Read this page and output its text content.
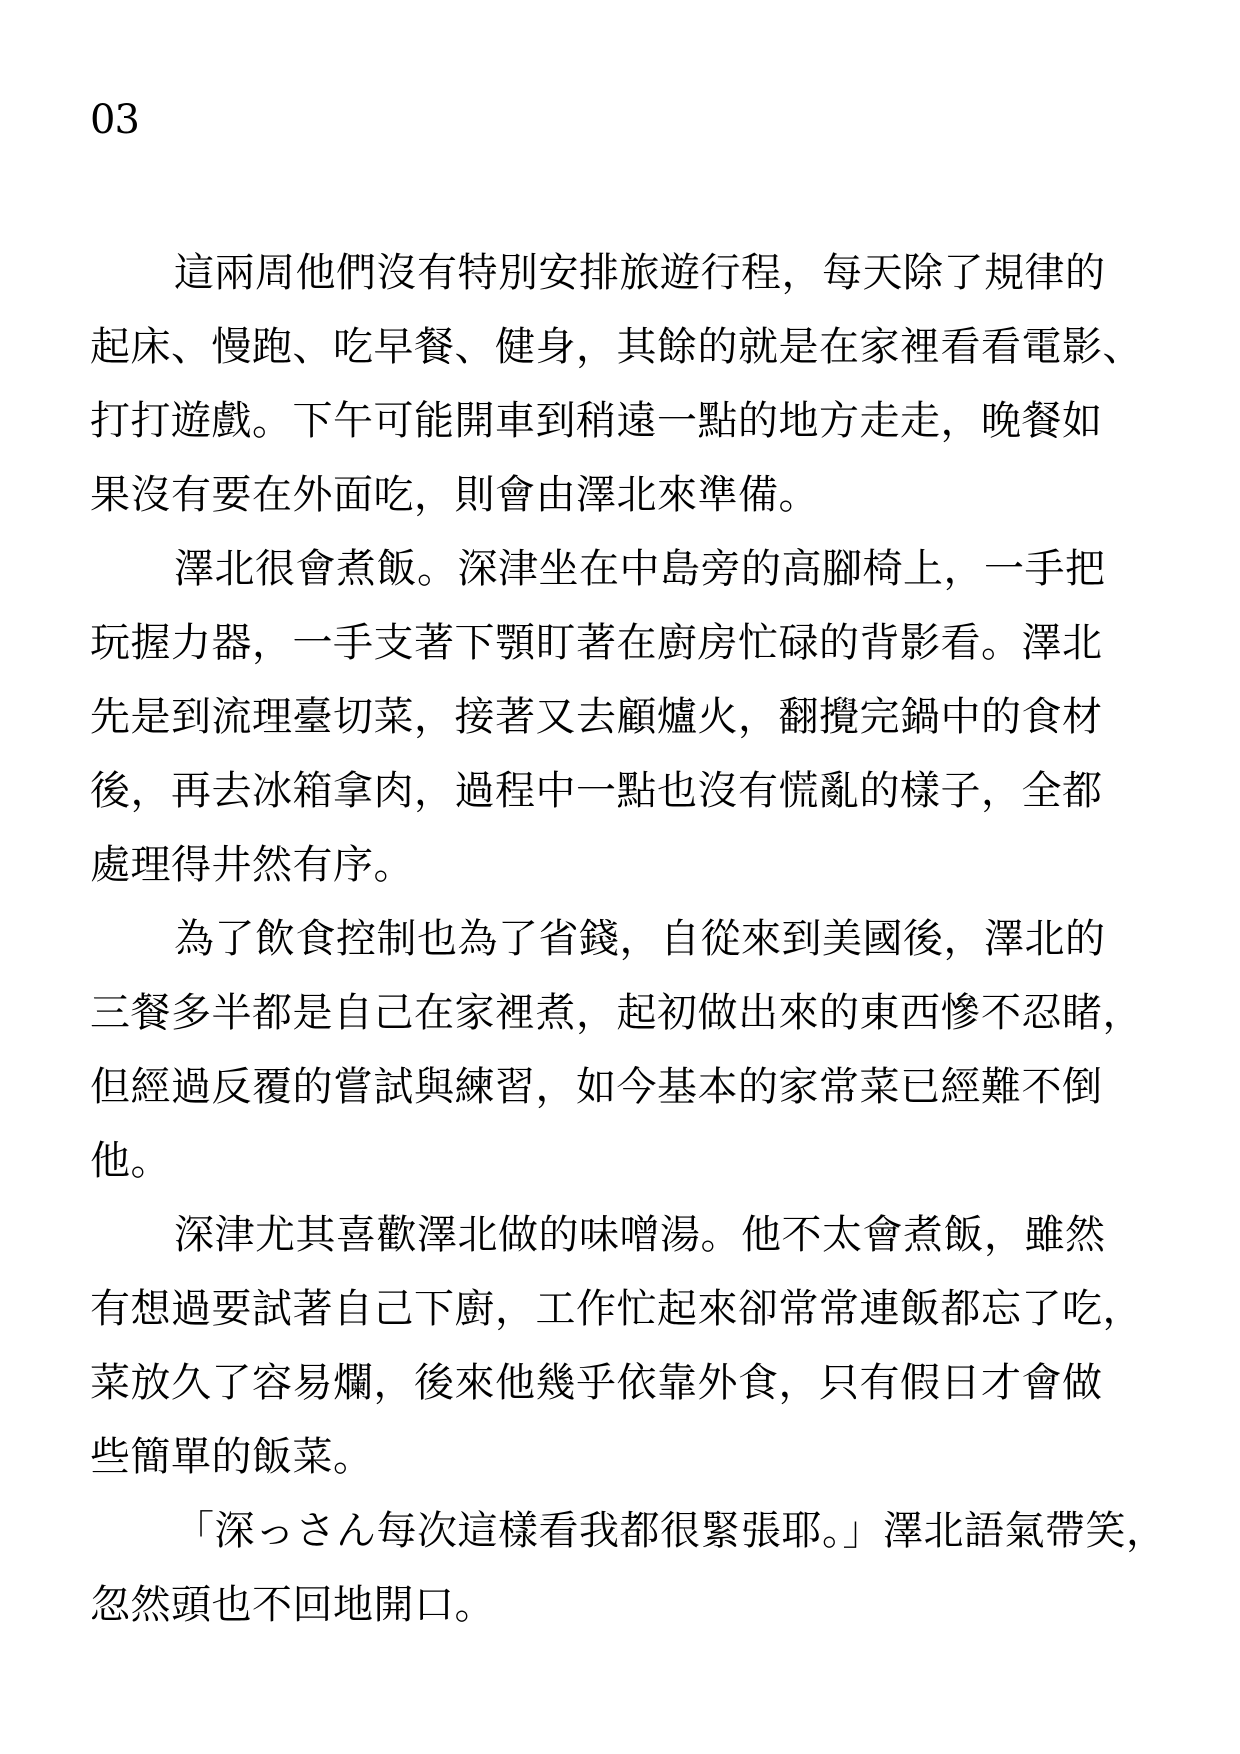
03
這兩周他們沒有特別安排旅遊行程，每天除了規律的
起床、慢跑、吃早餐、健身，其餘的就是在家裡看看電影、
打打遊戲。下午可能開車到稍遠一點的地方走走，晚餐如
果沒有要在外面吃，則會由澤北來準備。
澤北很會煮飯。深津坐在中島旁的高腳椅上，一手把
玩握力器，一手支著下顎盯著在廚房忙碌的背影看。澤北
先是到流理臺切菜，接著又去顧爐火，翻攪完鍋中的食材
後，再去冰箱拿肉，過程中一點也沒有慌亂的樣子，全都
處理得井然有序。
為了飲食控制也為了省錢，自從來到美國後，澤北的
三餐多半都是自己在家裡煮，起初做出來的東西慘不忍睹，
但經過反覆的嘗試與練習，如今基本的家常菜已經難不倒
他。
深津尤其喜歡澤北做的味噌湯。他不太會煮飯，雖然
有想過要試著自己下廚，工作忙起來卻常常連飯都忘了吃，
菜放久了容易爛，後來他幾乎依靠外食，只有假日才會做
些簡單的飯菜。
「深っさん每次這樣看我都很緊張耶。」澤北語氣帶笑，
忽然頭也不回地開口。
